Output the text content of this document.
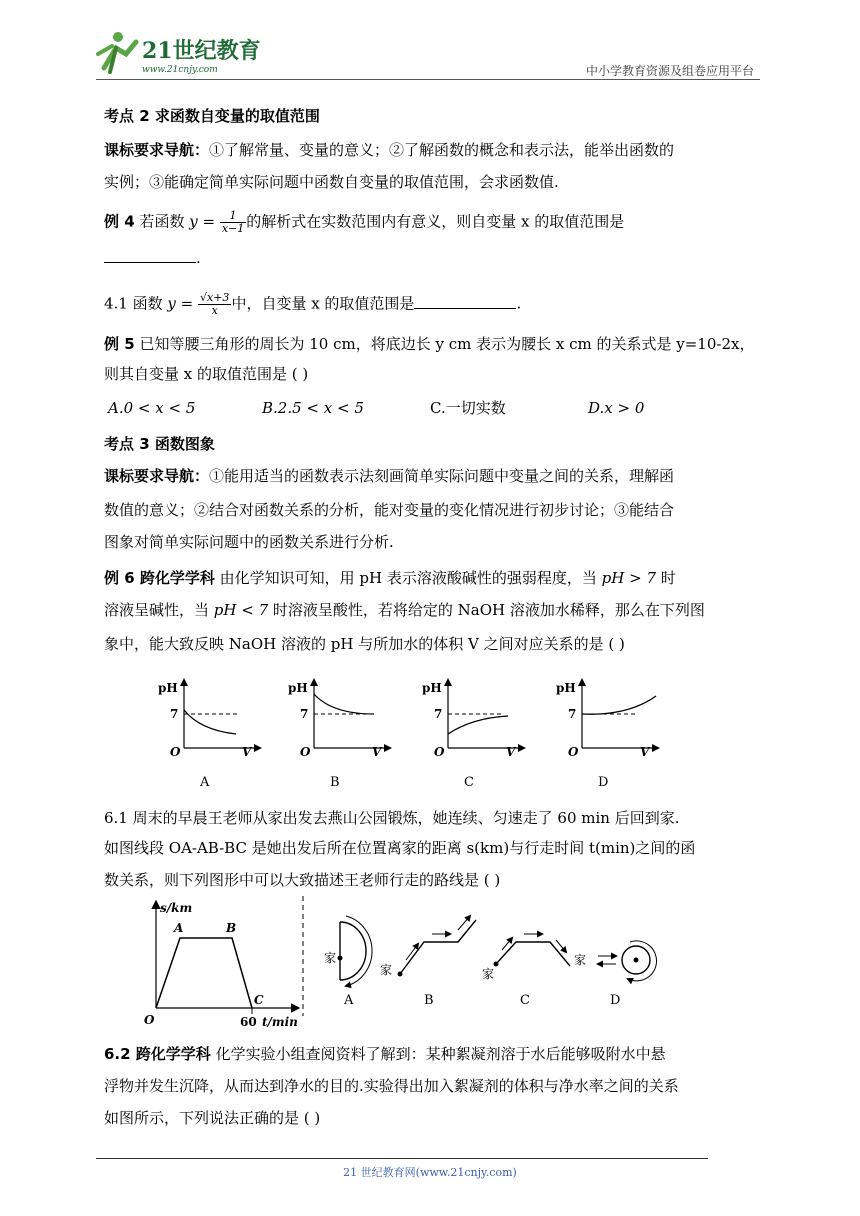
21世纪教育
www.21cnjy.com	中小学教育资源及组卷应用平台
考点 2 求函数自变量的取值范围
课标要求导航：①了解常量、变量的意义；②了解函数的概念和表示法，能举出函数的
实例；③能确定简单实际问题中函数自变量的取值范围，会求函数值.
例 4 若函数 $y = \frac{1}{x-1}$ 的解析式在实数范围内有意义，则自变量 x 的取值范围是
.
4.1 函数 $y = \frac{√x+3}{x}$ 中，自变量 x 的取值范围是	.
例 5 已知等腰三角形的周长为 10 cm，将底边长 y cm 表示为腰长 x cm 的关系式是 y=10-2x，
则其自变量 x 的取值范围是 ( )
A.0 < x < 5	B.2.5 < x < 5	C.一切实数	D.x > 0
考点 3 函数图象
课标要求导航：①能用适当的函数表示法刻画简单实际问题中变量之间的关系，理解函
数值的意义；②结合对函数关系的分析，能对变量的变化情况进行初步讨论；③能结合
图象对简单实际问题中的函数关系进行分析.
例 6 跨化学学科 由化学知识可知，用 pH 表示溶液酸碱性的强弱程度，当 pH > 7 时
溶液呈碱性，当 pH < 7 时溶液呈酸性，若将给定的 NaOH 溶液加水稀释，那么在下列图
象中，能大致反映 NaOH 溶液的 pH 与所加水的体积 V 之间对应关系的是 ( )
pH
7
O	V
A
pH
7
O	V
B
pH
7
O	V
C
pH
7
O	V
D
6.1 周末的早晨王老师从家出发去燕山公园锻炼，她连续、匀速走了 60 min 后回到家.
如图线段 OA-AB-BC 是她出发后所在位置离家的距离 s(km)与行走时间 t(min)之间的函
数关系，则下列图形中可以大致描述王老师行走的路线是 ( )
s/km
O
A	B
C
60 t/min
家
A
家
B
家
C
家
D
6.2 跨化学学科 化学实验小组查阅资料了解到：某种絮凝剂溶于水后能够吸附水中悬
浮物并发生沉降，从而达到净水的目的.实验得出加入絮凝剂的体积与净水率之间的关系
如图所示，下列说法正确的是 ( )
21 世纪教育网(www.21cnjy.com)
